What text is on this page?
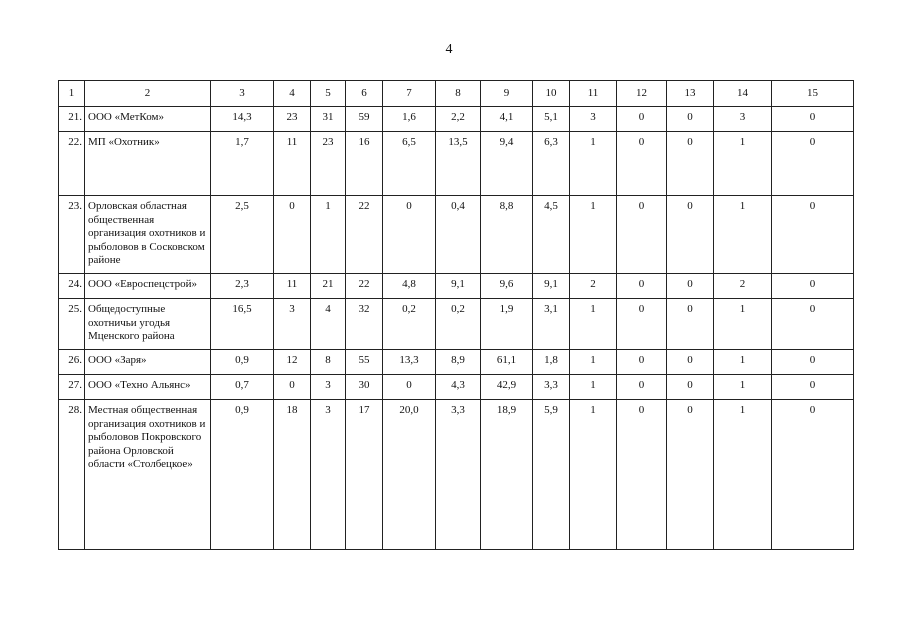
4
1	2	3	4	5	6	7	8	9	10	11	12	13	14	15
21.	ООО «МетКом»	14,3	23	31	59	1,6	2,2	4,1	5,1	3	0	0	3	0
22.	МП «Охотник»	1,7	11	23	16	6,5	13,5	9,4	6,3	1	0	0	1	0
23.	Орловская областная общественная организация охотников и рыболовов в Сосковском районе	2,5	0	1	22	0	0,4	8,8	4,5	1	0	0	1	0
24.	ООО «Евроспецстрой»	2,3	11	21	22	4,8	9,1	9,6	9,1	2	0	0	2	0
25.	Общедоступные охотничьи угодья Мценского района	16,5	3	4	32	0,2	0,2	1,9	3,1	1	0	0	1	0
26.	ООО «Заря»	0,9	12	8	55	13,3	8,9	61,1	1,8	1	0	0	1	0
27.	ООО «Техно Альянс»	0,7	0	3	30	0	4,3	42,9	3,3	1	0	0	1	0
28.	Местная общественная организация охотников и рыболовов Покровского района Орловской области «Столбецкое»	0,9	18	3	17	20,0	3,3	18,9	5,9	1	0	0	1	0
